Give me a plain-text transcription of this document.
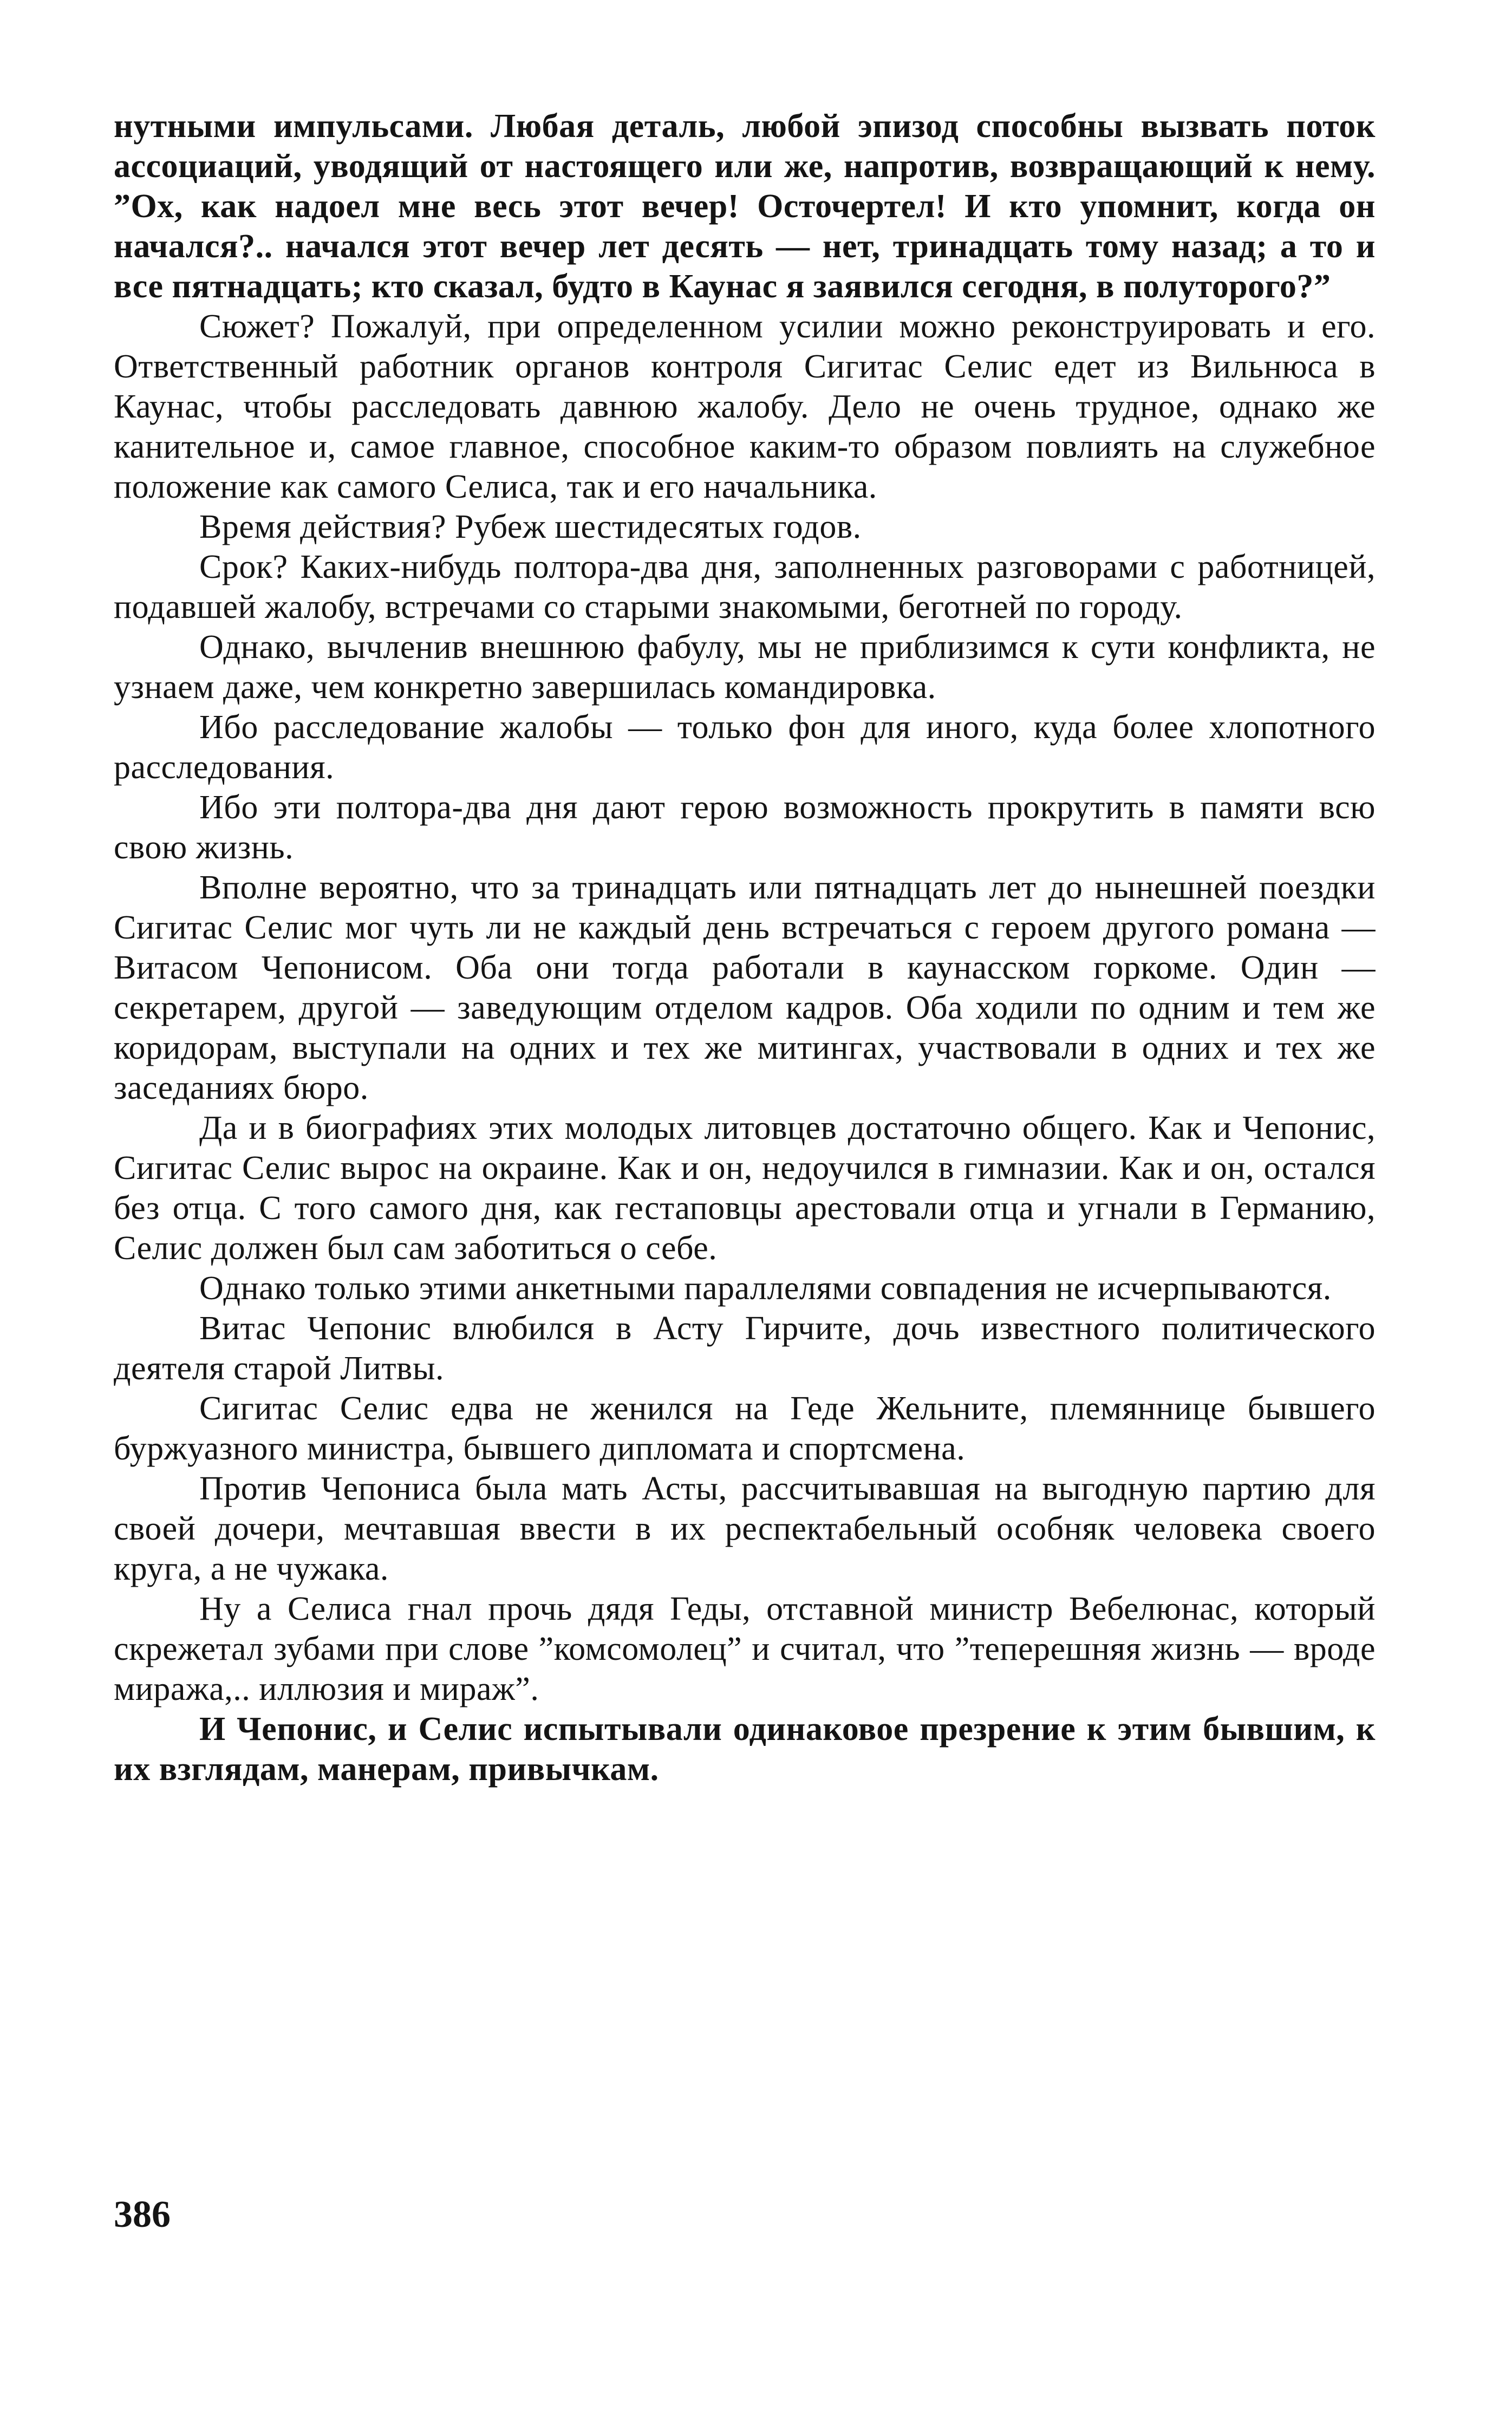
нутными импульсами. Любая деталь, любой эпизод способны вызвать поток ассоциаций, уводящий от настоящего или же, напротив, возвращающий к нему. ”Ох, как надоел мне весь этот вечер! Осточертел! И кто упомнит, когда он начался?.. начался этот вечер лет десять — нет, тринадцать тому назад; а то и все пятнадцать; кто сказал, будто в Каунас я заявился сегодня, в полуторого?”

Сюжет? Пожалуй, при определенном усилии можно реконструировать и его. Ответственный работник органов контроля Сигитас Селис едет из Вильнюса в Каунас, чтобы расследовать давнюю жалобу. Дело не очень трудное, однако же канительное и, самое главное, способное каким-то образом повлиять на служебное положение как самого Селиса, так и его начальника.

Время действия? Рубеж шестидесятых годов.

Срок? Каких-нибудь полтора-два дня, заполненных разговорами с работницей, подавшей жалобу, встречами со старыми знакомыми, беготней по городу.

Однако, вычленив внешнюю фабулу, мы не приблизимся к сути конфликта, не узнаем даже, чем конкретно завершилась командировка.

Ибо расследование жалобы — только фон для иного, куда более хлопотного расследования.

Ибо эти полтора-два дня дают герою возможность прокрутить в памяти всю свою жизнь.

Вполне вероятно, что за тринадцать или пятнадцать лет до нынешней поездки Сигитас Селис мог чуть ли не каждый день встречаться с героем другого романа — Витасом Чепонисом. Оба они тогда работали в каунасском горкоме. Один — секретарем, другой — заведующим отделом кадров. Оба ходили по одним и тем же коридорам, выступали на одних и тех же митингах, участвовали в одних и тех же заседаниях бюро.

Да и в биографиях этих молодых литовцев достаточно общего. Как и Чепонис, Сигитас Селис вырос на окраине. Как и он, недоучился в гимназии. Как и он, остался без отца. С того самого дня, как гестаповцы арестовали отца и угнали в Германию, Селис должен был сам заботиться о себе.

Однако только этими анкетными параллелями совпадения не исчерпываются.

Витас Чепонис влюбился в Асту Гирчите, дочь известного политического деятеля старой Литвы.

Сигитас Селис едва не женился на Геде Жельните, племяннице бывшего буржуазного министра, бывшего дипломата и спортсмена.

Против Чепониса была мать Асты, рассчитывавшая на выгодную партию для своей дочери, мечтавшая ввести в их респектабельный особняк человека своего круга, а не чужака.

Ну а Селиса гнал прочь дядя Геды, отставной министр Вебелюнас, который скрежетал зубами при слове ”комсомолец” и считал, что ”теперешняя жизнь — вроде миража,.. иллюзия и мираж”.

И Чепонис, и Селис испытывали одинаковое презрение к этим бывшим, к их взглядам, манерам, привычкам.

386
